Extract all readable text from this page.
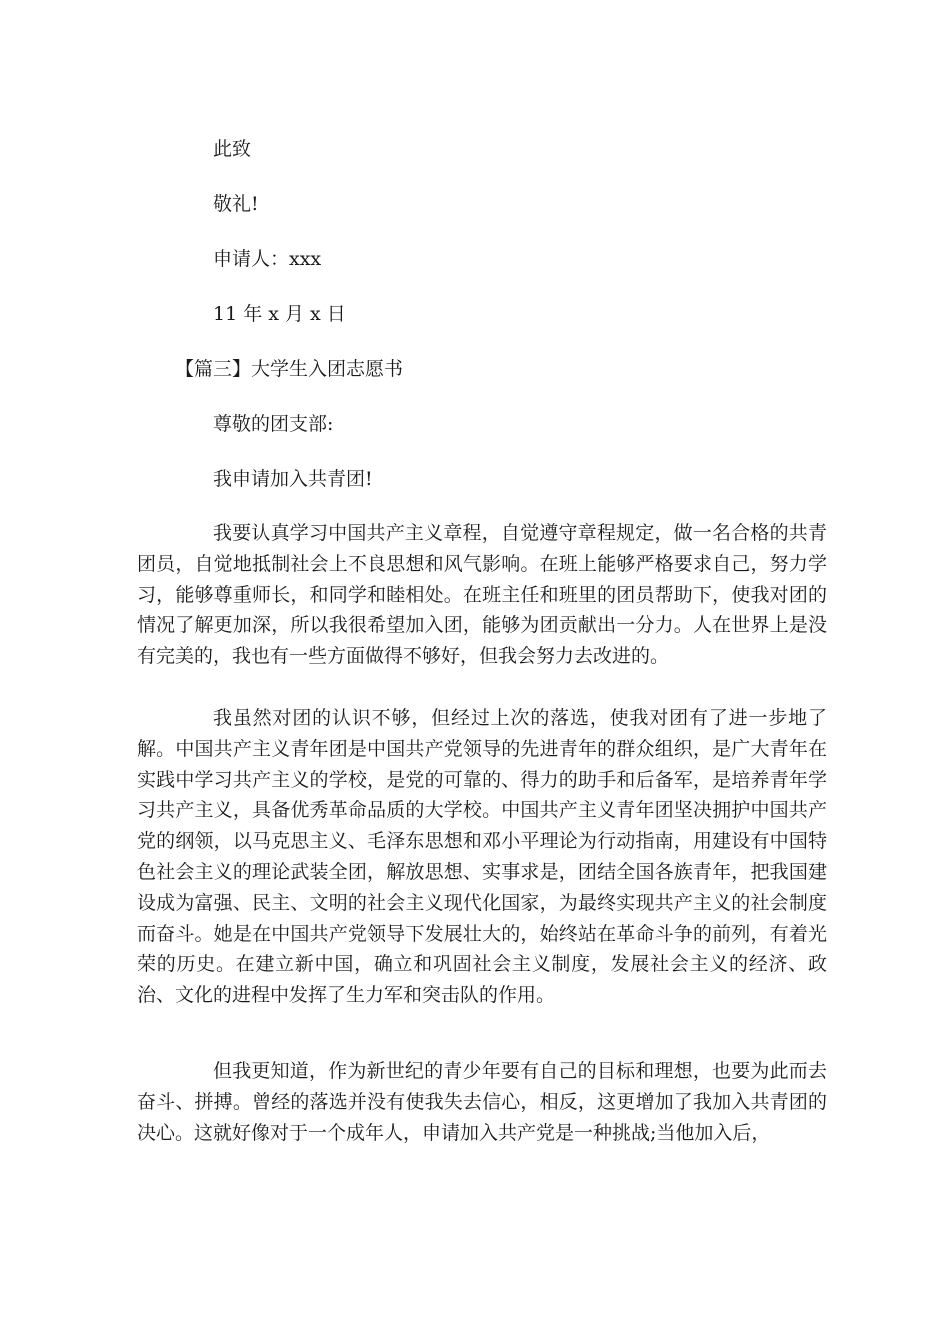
此致
敬礼!
申请人：xxx
11 年 x 月 x 日
【篇三】大学生入团志愿书
尊敬的团支部:
我申请加入共青团!

我要认真学习中国共产主义章程，自觉遵守章程规定，做一名合格的共青团员，自觉地抵制社会上不良思想和风气影响。在班上能够严格要求自己，努力学习，能够尊重师长，和同学和睦相处。在班主任和班里的团员帮助下，使我对团的情况了解更加深，所以我很希望加入团，能够为团贡献出一分力。人在世界上是没有完美的，我也有一些方面做得不够好，但我会努力去改进的。

我虽然对团的认识不够，但经过上次的落选，使我对团有了进一步地了解。中国共产主义青年团是中国共产党领导的先进青年的群众组织，是广大青年在实践中学习共产主义的学校，是党的可靠的、得力的助手和后备军，是培养青年学习共产主义，具备优秀革命品质的大学校。中国共产主义青年团坚决拥护中国共产党的纲领，以马克思主义、毛泽东思想和邓小平理论为行动指南，用建设有中国特色社会主义的理论武装全团，解放思想、实事求是，团结全国各族青年，把我国建设成为富强、民主、文明的社会主义现代化国家，为最终实现共产主义的社会制度而奋斗。她是在中国共产党领导下发展壮大的，始终站在革命斗争的前列，有着光荣的历史。在建立新中国，确立和巩固社会主义制度，发展社会主义的经济、政治、文化的进程中发挥了生力军和突击队的作用。

但我更知道，作为新世纪的青少年要有自己的目标和理想，也要为此而去奋斗、拼搏。曾经的落选并没有使我失去信心，相反，这更增加了我加入共青团的决心。这就好像对于一个成年人，申请加入共产党是一种挑战;当他加入后，
